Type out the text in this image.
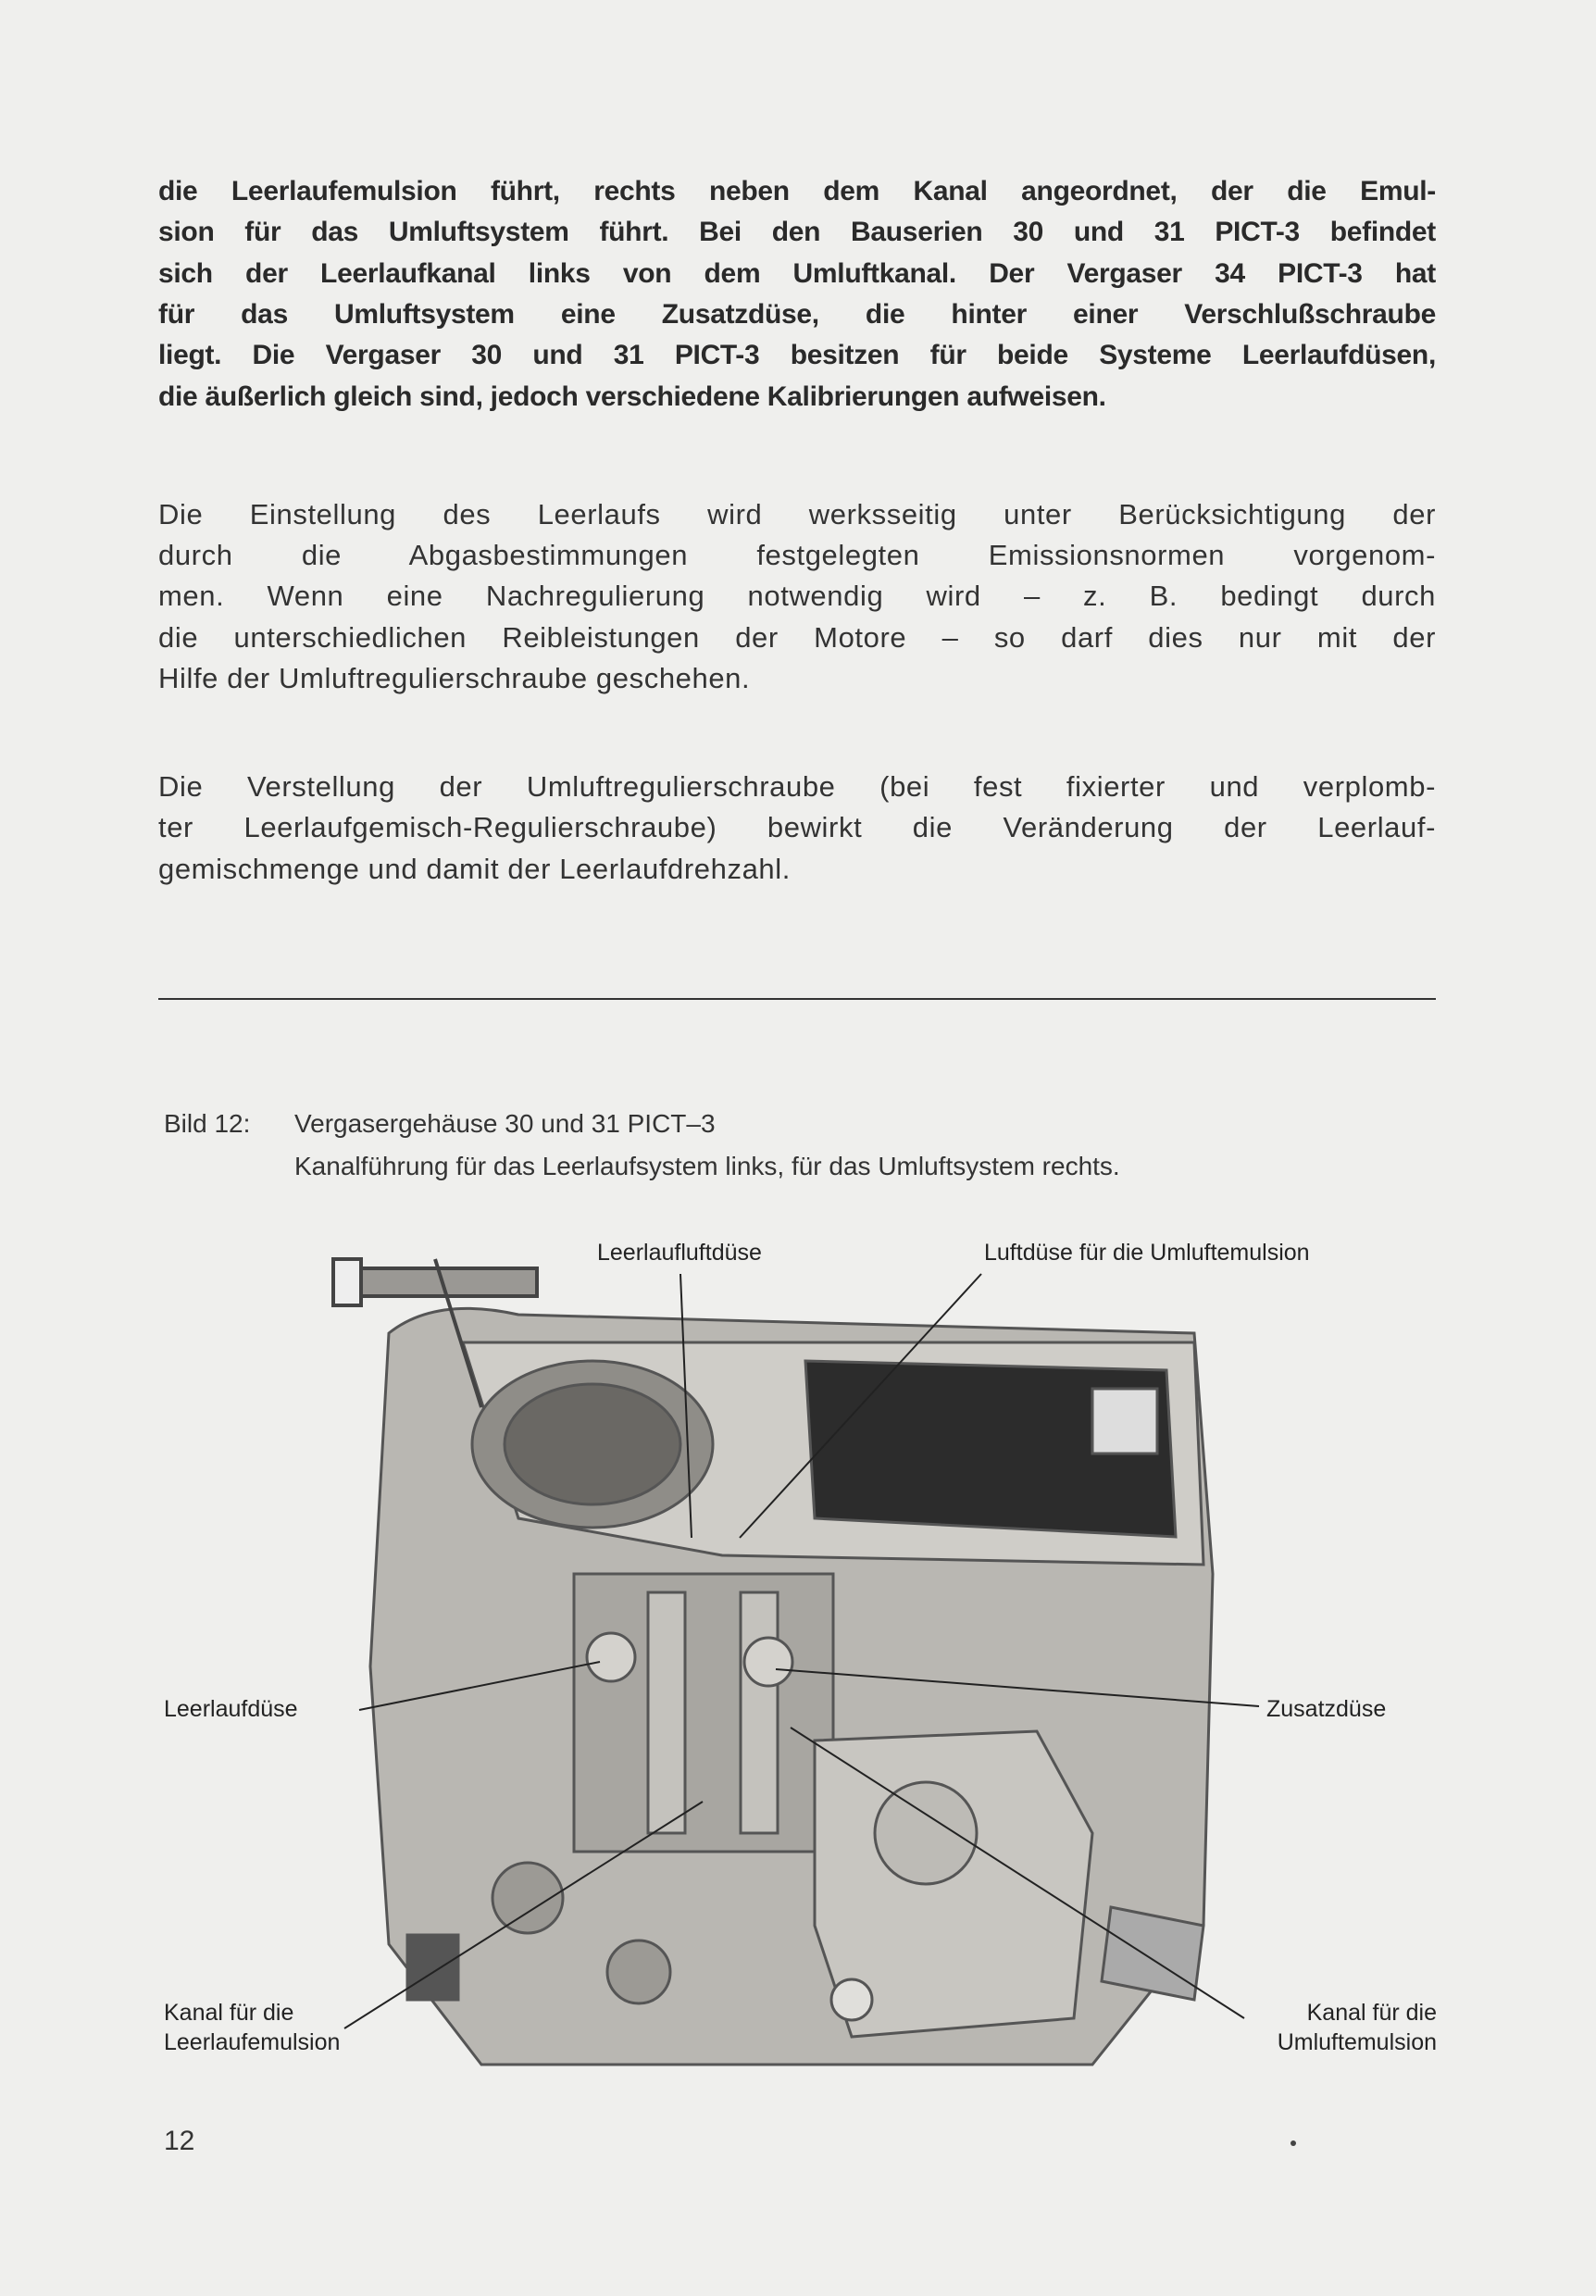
die Leerlaufemulsion führt, rechts neben dem Kanal angeordnet, der die Emul-
sion für das Umluftsystem führt. Bei den Bauserien 30 und 31 PICT-3 befindet
sich der Leerlaufkanal links von dem Umluftkanal. Der Vergaser 34 PICT-3 hat
für das Umluftsystem eine Zusatzdüse, die hinter einer Verschlußschraube
liegt. Die Vergaser 30 und 31 PICT-3 besitzen für beide Systeme Leerlaufdüsen,
die äußerlich gleich sind, jedoch verschiedene Kalibrierungen aufweisen.
Die Einstellung des Leerlaufs wird werksseitig unter Berücksichtigung der
durch die Abgasbestimmungen festgelegten Emissionsnormen vorgenom-
men. Wenn eine Nachregulierung notwendig wird – z. B. bedingt durch
die unterschiedlichen Reibleistungen der Motore – so darf dies nur mit der
Hilfe der Umluftregulierschraube geschehen.
Die Verstellung der Umluftregulierschraube (bei fest fixierter und verplomb-
ter Leerlaufgemisch-Regulierschraube) bewirkt die Veränderung der Leerlauf-
gemischmenge und damit der Leerlaufdrehzahl.
Bild 12: Vergasergehäuse 30 und 31 PICT–3
Kanalführung für das Leerlaufsystem links, für das Umluftsystem rechts.
Leerlaufluftdüse	Luftdüse für die Umluftemulsion
Leerlaufdüse	Zusatzdüse
Kanal für die
Leerlaufemulsion
Kanal für die
Umluftemulsion
12
